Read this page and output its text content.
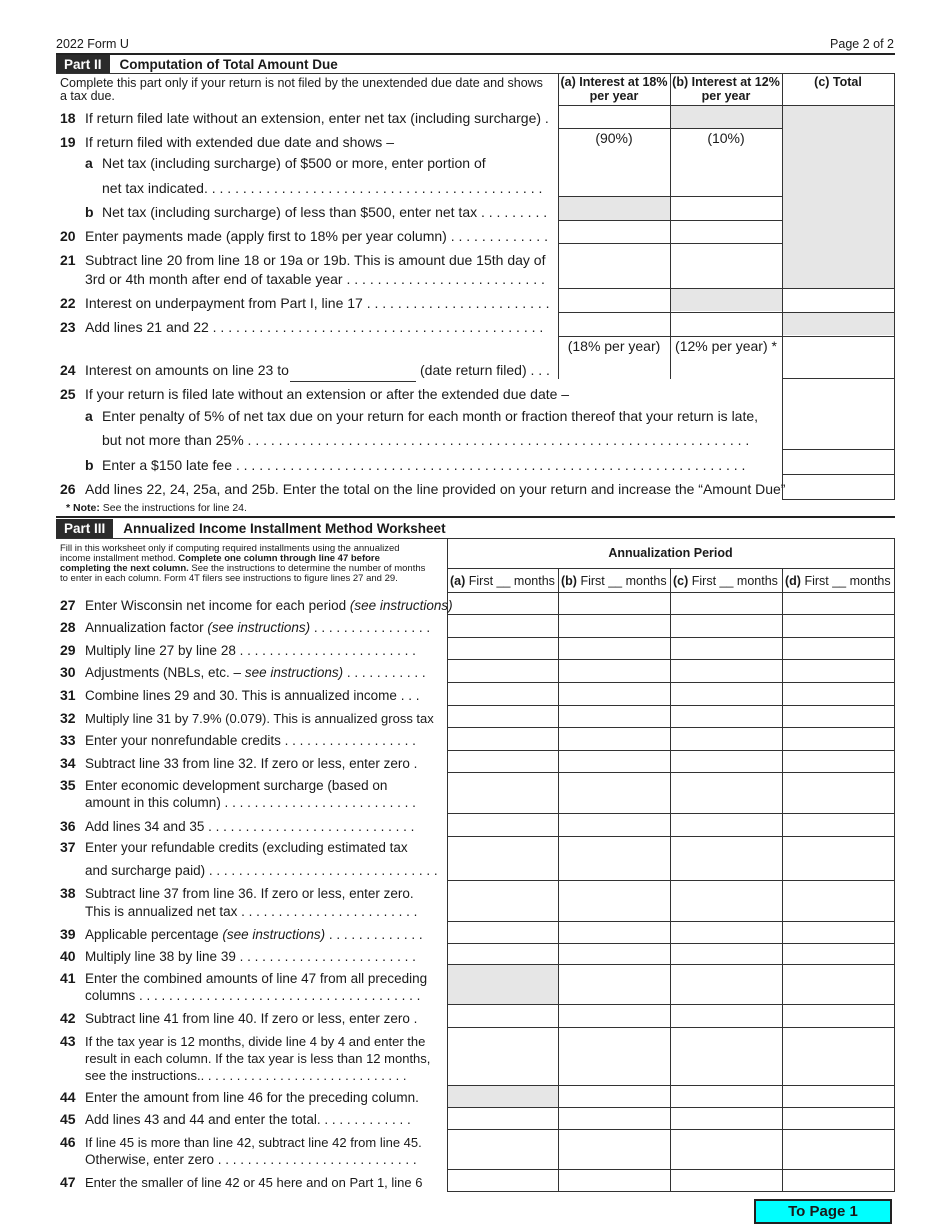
2022 Form U	Page 2 of 2
Part II	Computation of Total Amount Due
Complete this part only if your return is not filed by the unextended due date and shows a tax due.
(a) Interest at 18% per year
(b) Interest at 12% per year
(c) Total
(90%)	(10%)
(18% per year)	(12% per year) *
18 If return filed late without an extension, enter net tax (including surcharge) .
19 If return filed with extended due date and shows –
a Net tax (including surcharge) of $500 or more, enter portion of
net tax indicated. . . . . . . . . . . . . . . . . . . . . . . . . . . . . . . . . . . . . . . . . . . .
b Net tax (including surcharge) of less than $500, enter net tax . . . . . . . . .
20 Enter payments made (apply first to 18% per year column) . . . . . . . . . . . . .
21 Subtract line 20 from line 18 or 19a or 19b. This is amount due 15th day of
3rd or 4th month after end of taxable year . . . . . . . . . . . . . . . . . . . . . . . . . .
22 Interest on underpayment from Part I, line 17 . . . . . . . . . . . . . . . . . . . . . . . .
23 Add lines 21 and 22 . . . . . . . . . . . . . . . . . . . . . . . . . . . . . . . . . . . . . . . . . . .
24 Interest on amounts on line 23 to	(date return filed) . . .
25 If your return is filed late without an extension or after the extended due date –
a Enter penalty of 5% of net tax due on your return for each month or fraction thereof that your return is late,
but not more than 25% . . . . . . . . . . . . . . . . . . . . . . . . . . . . . . . . . . . . . . . . . . . . . . . . . . . . . . . . . . . . . . . . .
b Enter a $150 late fee . . . . . . . . . . . . . . . . . . . . . . . . . . . . . . . . . . . . . . . . . . . . . . . . . . . . . . . . . . . . . . . . . .
26 Add lines 22, 24, 25a, and 25b. Enter the total on the line provided on your return and increase the “Amount Due”
* Note: See the instructions for line 24.
Part III	Annualized Income Installment Method Worksheet
Fill in this worksheet only if computing required installments using the annualized
income installment method. Complete one column through line 47 before
completing the next column. See the instructions to determine the number of months
to enter in each column. Form 4T filers see instructions to figure lines 27 and 29.
Annualization Period
(a) First __ months (b) First __ months (c) First __ months (d) First __ months
27 Enter Wisconsin net income for each period (see instructions)
28 Annualization factor (see instructions) . . . . . . . . . . . . . . . .
29 Multiply line 27 by line 28 . . . . . . . . . . . . . . . . . . . . . . . .
30 Adjustments (NBLs, etc. – see instructions) . . . . . . . . . . .
31 Combine lines 29 and 30. This is annualized income . . .
32 Multiply line 31 by 7.9% (0.079). This is annualized gross tax
33 Enter your nonrefundable credits . . . . . . . . . . . . . . . . . .
34 Subtract line 33 from line 32. If zero or less, enter zero .
35 Enter economic development surcharge (based on
amount in this column) . . . . . . . . . . . . . . . . . . . . . . . . . .
36 Add lines 34 and 35 . . . . . . . . . . . . . . . . . . . . . . . . . . . .
37 Enter your refundable credits (excluding estimated tax
and surcharge paid) . . . . . . . . . . . . . . . . . . . . . . . . . . . . . . .
38 Subtract line 37 from line 36. If zero or less, enter zero.
This is annualized net tax . . . . . . . . . . . . . . . . . . . . . . . .
39 Applicable percentage (see instructions) . . . . . . . . . . . . .
40 Multiply line 38 by line 39 . . . . . . . . . . . . . . . . . . . . . . . .
41 Enter the combined amounts of line 47 from all preceding
columns . . . . . . . . . . . . . . . . . . . . . . . . . . . . . . . . . . . . . .
42 Subtract line 41 from line 40. If zero or less, enter zero .
43 If the tax year is 12 months, divide line 4 by 4 and enter the
result in each column. If the tax year is less than 12 months,
see the instructions.. . . . . . . . . . . . . . . . . . . . . . . . . . . . .
44 Enter the amount from line 46 for the preceding column.
45 Add lines 43 and 44 and enter the total. . . . . . . . . . . . .
46 If line 45 is more than line 42, subtract line 42 from line 45.
Otherwise, enter zero . . . . . . . . . . . . . . . . . . . . . . . . . . .
47 Enter the smaller of line 42 or 45 here and on Part 1, line 6
To Page 1
